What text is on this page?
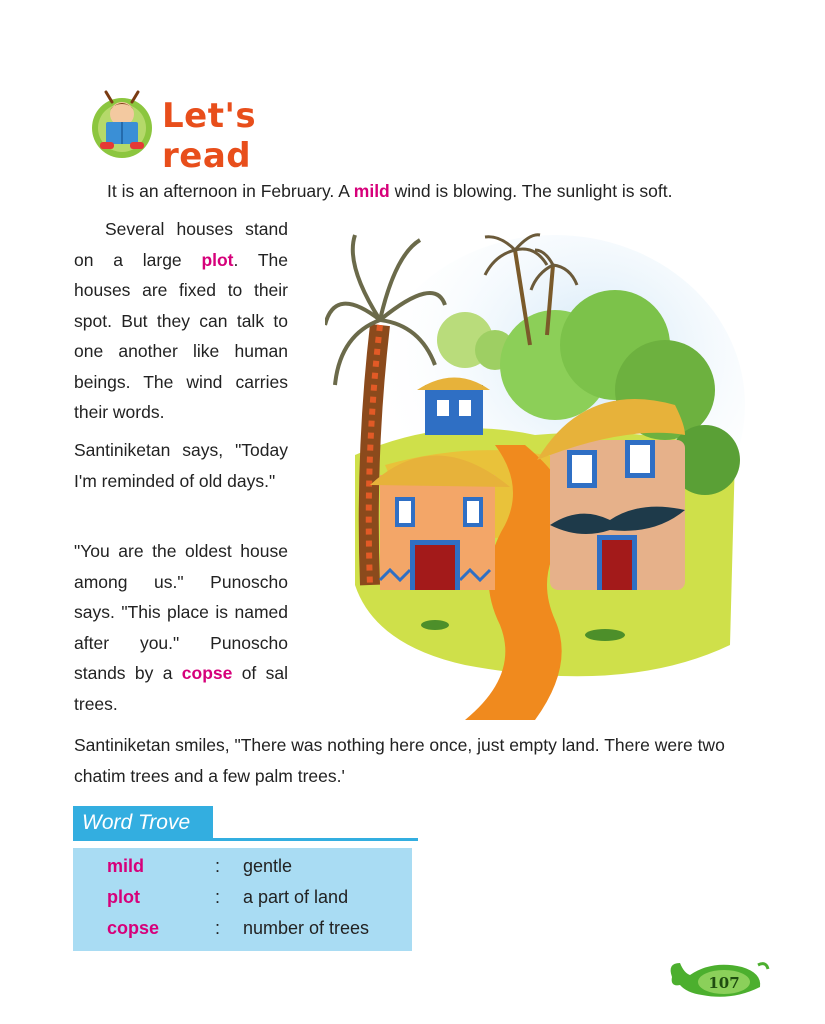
Let's read

It is an afternoon in February. A mild wind is blowing. The sunlight is soft.

Several houses stand on a large plot. The houses are fixed to their spot. But they can talk to one another like human beings. The wind carries their words.

Santiniketan says, "Today I'm reminded of old days."

"You are the oldest house among us." Punoscho says. "This place is named after you." Punoscho stands by a copse of sal trees.

Santiniketan smiles, "There was nothing here once, just empty land. There were two chatim trees and a few palm trees.'

Word Trove
mild	: gentle
plot	: a part of land
copse	: number of trees
107
